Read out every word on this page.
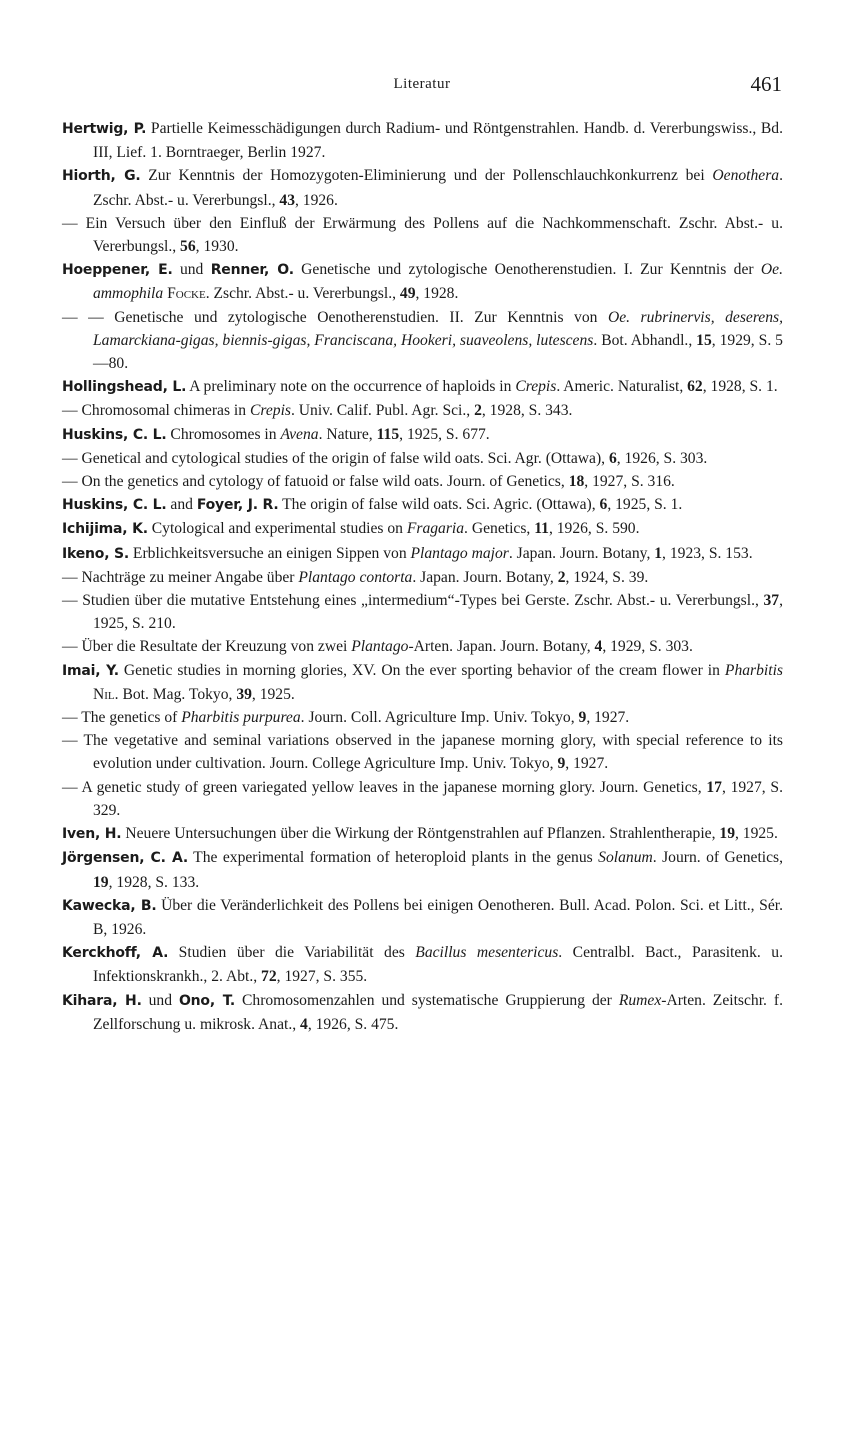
Literatur	461
Hertwig, P. Partielle Keimesschädigungen durch Radium- und Röntgenstrahlen. Handb. d. Vererbungswiss., Bd. III, Lief. 1. Borntraeger, Berlin 1927.
Hiorth, G. Zur Kenntnis der Homozygoten-Eliminierung und der Pollenschlauchkonkurrenz bei Oenothera. Zschr. Abst.- u. Vererbungsl., 43, 1926.
— Ein Versuch über den Einfluß der Erwärmung des Pollens auf die Nachkommenschaft. Zschr. Abst.- u. Vererbungsl., 56, 1930.
Hoeppener, E. und Renner, O. Genetische und zytologische Oenotherenstudien. I. Zur Kenntnis der Oe. ammophila Focke. Zschr. Abst.- u. Vererbungsl., 49, 1928.
— — Genetische und zytologische Oenotherenstudien. II. Zur Kenntnis von Oe. rubrinervis, deserens, Lamarckiana-gigas, biennis-gigas, Franciscana, Hookeri, suaveolens, lutescens. Bot. Abhandl., 15, 1929, S. 5—80.
Hollingshead, L. A preliminary note on the occurrence of haploids in Crepis. Americ. Naturalist, 62, 1928, S. 1.
— Chromosomal chimeras in Crepis. Univ. Calif. Publ. Agr. Sci., 2, 1928, S. 343.
Huskins, C. L. Chromosomes in Avena. Nature, 115, 1925, S. 677.
— Genetical and cytological studies of the origin of false wild oats. Sci. Agr. (Ottawa), 6, 1926, S. 303.
— On the genetics and cytology of fatuoid or false wild oats. Journ. of Genetics, 18, 1927, S. 316.
Huskins, C. L. and Foyer, J. R. The origin of false wild oats. Sci. Agric. (Ottawa), 6, 1925, S. 1.
Ichijima, K. Cytological and experimental studies on Fragaria. Genetics, 11, 1926, S. 590.
Ikeno, S. Erblichkeitsversuche an einigen Sippen von Plantago major. Japan. Journ. Botany, 1, 1923, S. 153.
— Nachträge zu meiner Angabe über Plantago contorta. Japan. Journ. Botany, 2, 1924, S. 39.
— Studien über die mutative Entstehung eines „intermedium“-Types bei Gerste. Zschr. Abst.- u. Vererbungsl., 37, 1925, S. 210.
— Über die Resultate der Kreuzung von zwei Plantago-Arten. Japan. Journ. Botany, 4, 1929, S. 303.
Imai, Y. Genetic studies in morning glories, XV. On the ever sporting behavior of the cream flower in Pharbitis Nil. Bot. Mag. Tokyo, 39, 1925.
— The genetics of Pharbitis purpurea. Journ. Coll. Agriculture Imp. Univ. Tokyo, 9, 1927.
— The vegetative and seminal variations observed in the japanese morning glory, with special reference to its evolution under cultivation. Journ. College Agriculture Imp. Univ. Tokyo, 9, 1927.
— A genetic study of green variegated yellow leaves in the japanese morning glory. Journ. Genetics, 17, 1927, S. 329.
Iven, H. Neuere Untersuchungen über die Wirkung der Röntgenstrahlen auf Pflanzen. Strahlentherapie, 19, 1925.
Jörgensen, C. A. The experimental formation of heteroploid plants in the genus Solanum. Journ. of Genetics, 19, 1928, S. 133.
Kawecka, B. Über die Veränderlichkeit des Pollens bei einigen Oenotheren. Bull. Acad. Polon. Sci. et Litt., Sér. B, 1926.
Kerckhoff, A. Studien über die Variabilität des Bacillus mesentericus. Centralbl. Bact., Parasitenk. u. Infektionskrankh., 2. Abt., 72, 1927, S. 355.
Kihara, H. und Ono, T. Chromosomenzahlen und systematische Gruppierung der Rumex-Arten. Zeitschr. f. Zellforschung u. mikrosk. Anat., 4, 1926, S. 475.
